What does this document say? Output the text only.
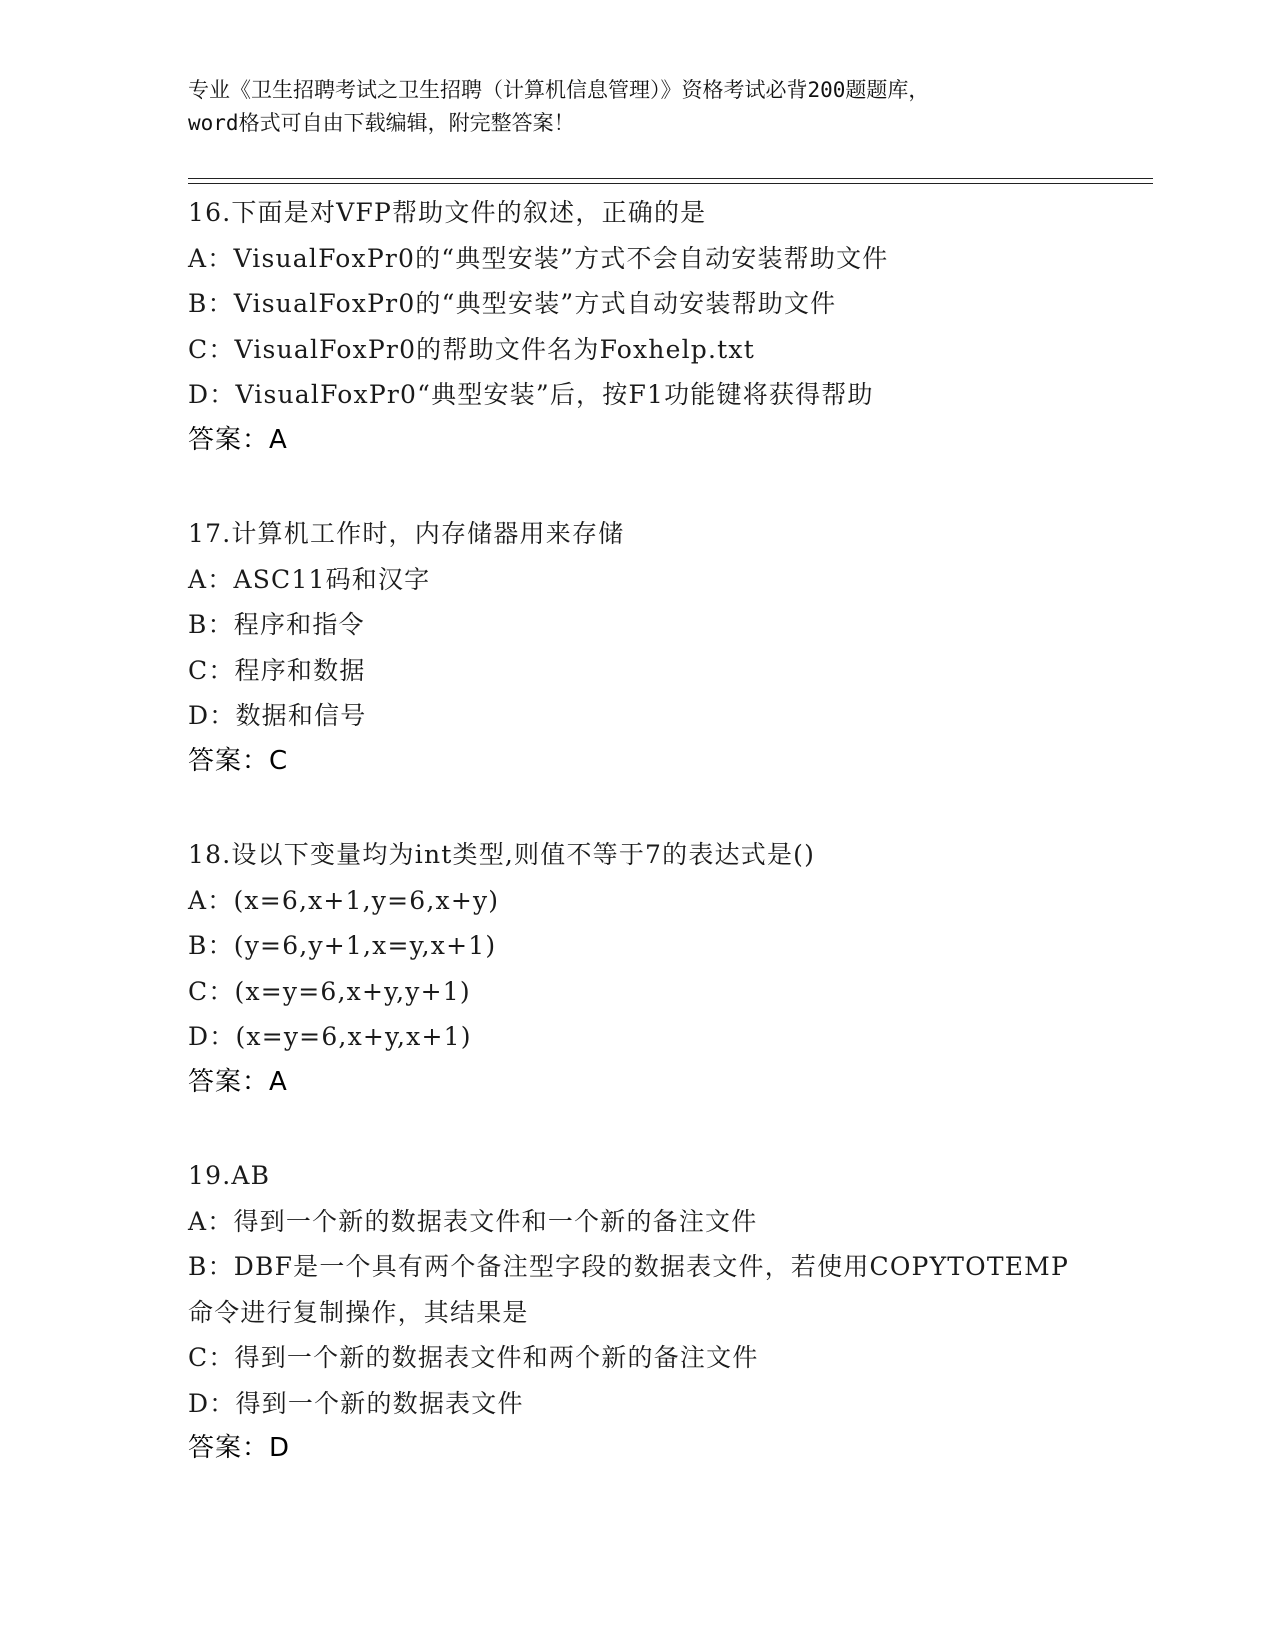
专业《卫生招聘考试之卫生招聘（计算机信息管理）》资格考试必背200题题库，
word格式可自由下载编辑，附完整答案！
16.下面是对VFP帮助文件的叙述，正确的是
A：VisualFoxPr0的“典型安装”方式不会自动安装帮助文件
B：VisualFoxPr0的“典型安装”方式自动安装帮助文件
C：VisualFoxPr0的帮助文件名为Foxhelp.txt
D：VisualFoxPr0“典型安装”后，按F1功能键将获得帮助
答案：A
17.计算机工作时，内存储器用来存储
A：ASC11码和汉字
B：程序和指令
C：程序和数据
D：数据和信号
答案：C
18.设以下变量均为int类型,则值不等于7的表达式是()
A：(x=6,x+1,y=6,x+y)
B：(y=6,y+1,x=y,x+1)
C：(x=y=6,x+y,y+1)
D：(x=y=6,x+y,x+1)
答案：A
19.AB
A：得到一个新的数据表文件和一个新的备注文件
B：DBF是一个具有两个备注型字段的数据表文件，若使用COPYTOTEMP
命令进行复制操作，其结果是
C：得到一个新的数据表文件和两个新的备注文件
D：得到一个新的数据表文件
答案：D
